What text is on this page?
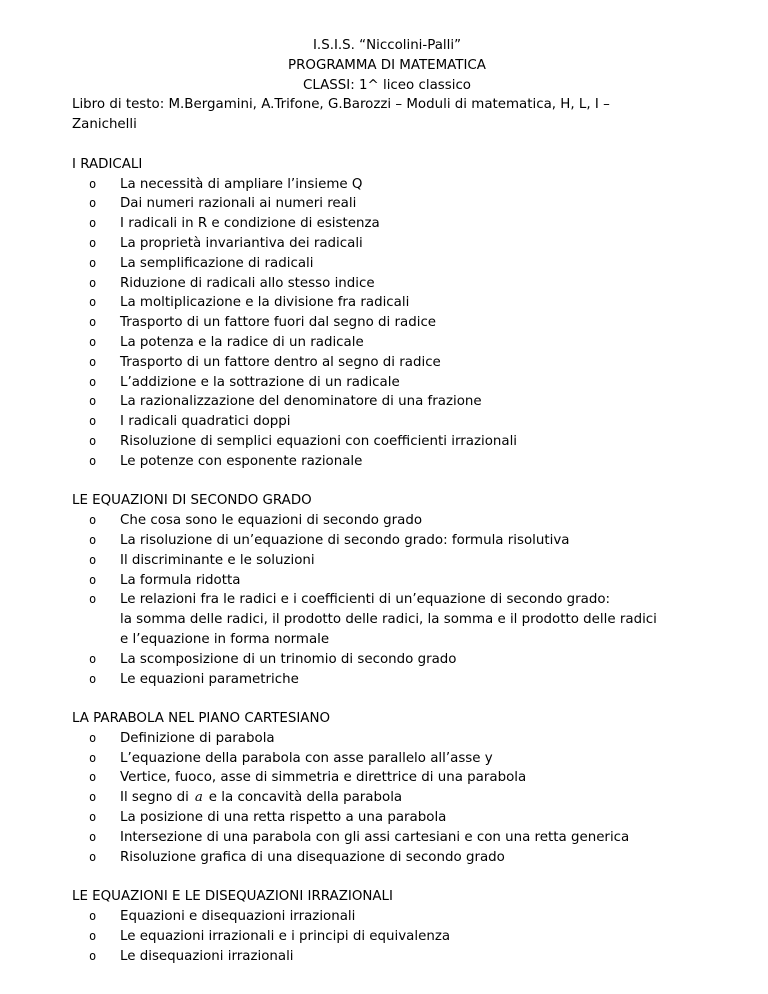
I.S.I.S. “Niccolini-Palli”
PROGRAMMA DI MATEMATICA
CLASSI: 1^ liceo classico
Libro di testo: M.Bergamini, A.Trifone, G.Barozzi – Moduli di matematica, H, L, I –
Zanichelli
I RADICALI
o La necessità di ampliare l’insieme Q
o Dai numeri razionali ai numeri reali
o I radicali in R e condizione di esistenza
o La proprietà invariantiva dei radicali
o La semplificazione di radicali
o Riduzione di radicali allo stesso indice
o La moltiplicazione e la divisione fra radicali
o Trasporto di un fattore fuori dal segno di radice
o La potenza e la radice di un radicale
o Trasporto di un fattore dentro al segno di radice
o L’addizione e la sottrazione di un radicale
o La razionalizzazione del denominatore di una frazione
o I radicali quadratici doppi
o Risoluzione di semplici equazioni con coefficienti irrazionali
o Le potenze con esponente razionale
LE EQUAZIONI DI SECONDO GRADO
o Che cosa sono le equazioni di secondo grado
o La risoluzione di un’equazione di secondo grado: formula risolutiva
o Il discriminante e le soluzioni
o La formula ridotta
o Le relazioni fra le radici e i coefficienti di un’equazione di secondo grado:
la somma delle radici, il prodotto delle radici, la somma e il prodotto delle radici
e l’equazione in forma normale
o La scomposizione di un trinomio di secondo grado
o Le equazioni parametriche
LA PARABOLA NEL PIANO CARTESIANO
o Definizione di parabola
o L’equazione della parabola con asse parallelo all’asse y
o Vertice, fuoco, asse di simmetria e direttrice di una parabola
o Il segno di a e la concavità della parabola
o La posizione di una retta rispetto a una parabola
o Intersezione di una parabola con gli assi cartesiani e con una retta generica
o Risoluzione grafica di una disequazione di secondo grado
LE EQUAZIONI E LE DISEQUAZIONI IRRAZIONALI
o Equazioni e disequazioni irrazionali
o Le equazioni irrazionali e i principi di equivalenza
o Le disequazioni irrazionali
